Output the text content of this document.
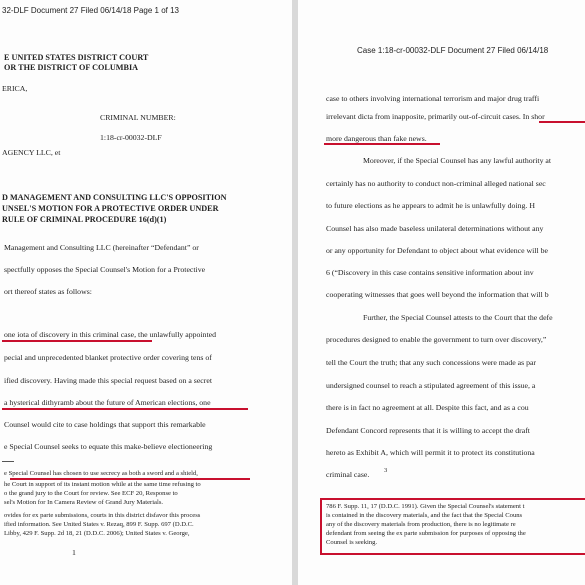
32-DLF Document 27 Filed 06/14/18 Page 1 of 13
E UNITED STATES DISTRICT COURT
OR THE DISTRICT OF COLUMBIA
ERICA,
CRIMINAL NUMBER:
1:18-cr-00032-DLF
AGENCY LLC, et
D MANAGEMENT AND CONSULTING LLC'S OPPOSITION
UNSEL'S MOTION FOR A PROTECTIVE ORDER UNDER
RULE OF CRIMINAL PROCEDURE 16(d)(1)
Management and Consulting LLC (hereinafter “Defendant” or
spectfully opposes the Special Counsel's Motion for a Protective
ort thereof states as follows:
one iota of discovery in this criminal case, the unlawfully appointed
pecial and unprecedented blanket protective order covering tens of
ified discovery. Having made this special request based on a secret
a hysterical dithyramb about the future of American elections, one
Counsel would cite to case holdings that support this remarkable
e Special Counsel seeks to equate this make-believe electioneering
e Special Counsel has chosen to use secrecy as both a sword and a shield,
he Court in support of its instant motion while at the same time refusing to
o the grand jury to the Court for review. See ECF 20, Response to
sel's Motion for In Camera Review of Grand Jury Materials.
ovides for ex parte submissions, courts in this district disfavor this process
ified information. See United States v. Rezaq, 899 F. Supp. 697 (D.D.C.
Libby, 429 F. Supp. 2d 18, 21 (D.D.C. 2006); United States v. George,
1
Case 1:18-cr-00032-DLF Document 27 Filed 06/14/18
case to others involving international terrorism and major drug traffi
irrelevant dicta from inapposite, primarily out-of-circuit cases. In shor
more dangerous than fake news.
Moreover, if the Special Counsel has any lawful authority at
certainly has no authority to conduct non-criminal alleged national sec
to future elections as he appears to admit he is unlawfully doing. H
Counsel has also made baseless unilateral determinations without any
or any opportunity for Defendant to object about what evidence will be
6 (“Discovery in this case contains sensitive information about inv
cooperating witnesses that goes well beyond the information that will b
Further, the Special Counsel attests to the Court that the defe
procedures designed to enable the government to turn over discovery,”
tell the Court the truth; that any such concessions were made as par
undersigned counsel to reach a stipulated agreement of this issue, a
there is in fact no agreement at all. Despite this fact, and as a cou
Defendant Concord represents that it is willing to accept the draft
hereto as Exhibit A, which will permit it to protect its constitutiona
criminal case. 3
786 F. Supp. 11, 17 (D.D.C. 1991). Given the Special Counsel's statement t
is contained in the discovery materials, and the fact that the Special Couns
any of the discovery materials from production, there is no legitimate re
defendant from seeing the ex parte submission for purposes of opposing the
Counsel is seeking.
